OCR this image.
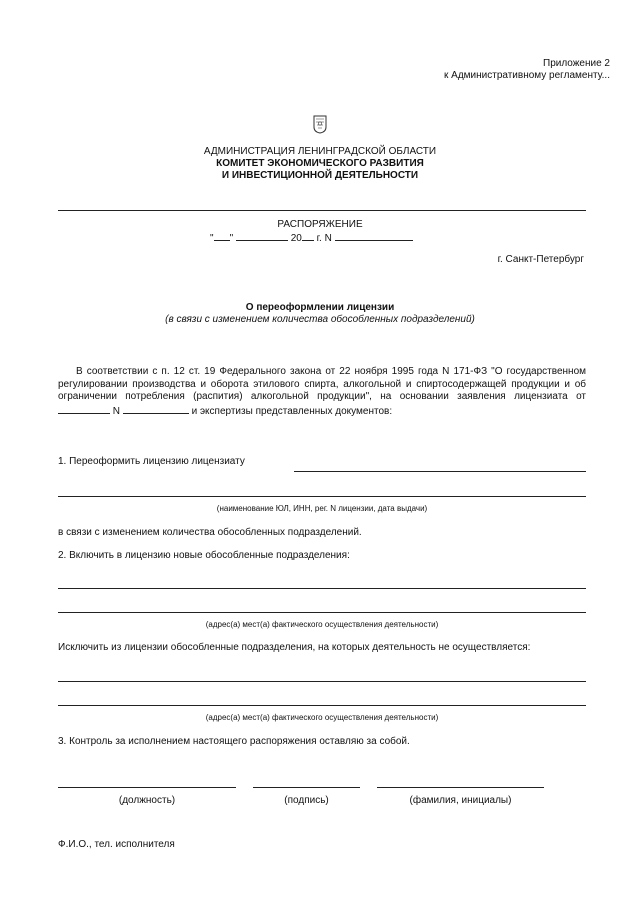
Приложение 2
к Административному регламенту...
АДМИНИСТРАЦИЯ ЛЕНИНГРАДСКОЙ ОБЛАСТИ
КОМИТЕТ ЭКОНОМИЧЕСКОГО РАЗВИТИЯ
И ИНВЕСТИЦИОННОЙ ДЕЯТЕЛЬНОСТИ
РАСПОРЯЖЕНИЕ
" "	20 г. N
г. Санкт-Петербург
О переоформлении лицензии
(в связи с изменением количества обособленных подразделений)
В соответствии с п. 12 ст. 19 Федерального закона от 22 ноября 1995 года N 171-ФЗ "О государственном регулировании производства и оборота этилового спирта, алкогольной и спиртосодержащей продукции и об ограничении потребления (распития) алкогольной продукции", на основании заявления лицензиата от  N	и экспертизы представленных документов:
1. Переоформить лицензию лицензиату
(наименование ЮЛ, ИНН, рег. N лицензии, дата выдачи)
в связи с изменением количества обособленных подразделений.
2. Включить в лицензию новые обособленные подразделения:
(адрес(а) мест(а) фактического осуществления деятельности)
Исключить из лицензии обособленные подразделения, на которых деятельность не осуществляется:
(адрес(а) мест(а) фактического осуществления деятельности)
3. Контроль за исполнением настоящего распоряжения оставляю за собой.
(должность)	(подпись)	(фамилия, инициалы)
Ф.И.О., тел. исполнителя
